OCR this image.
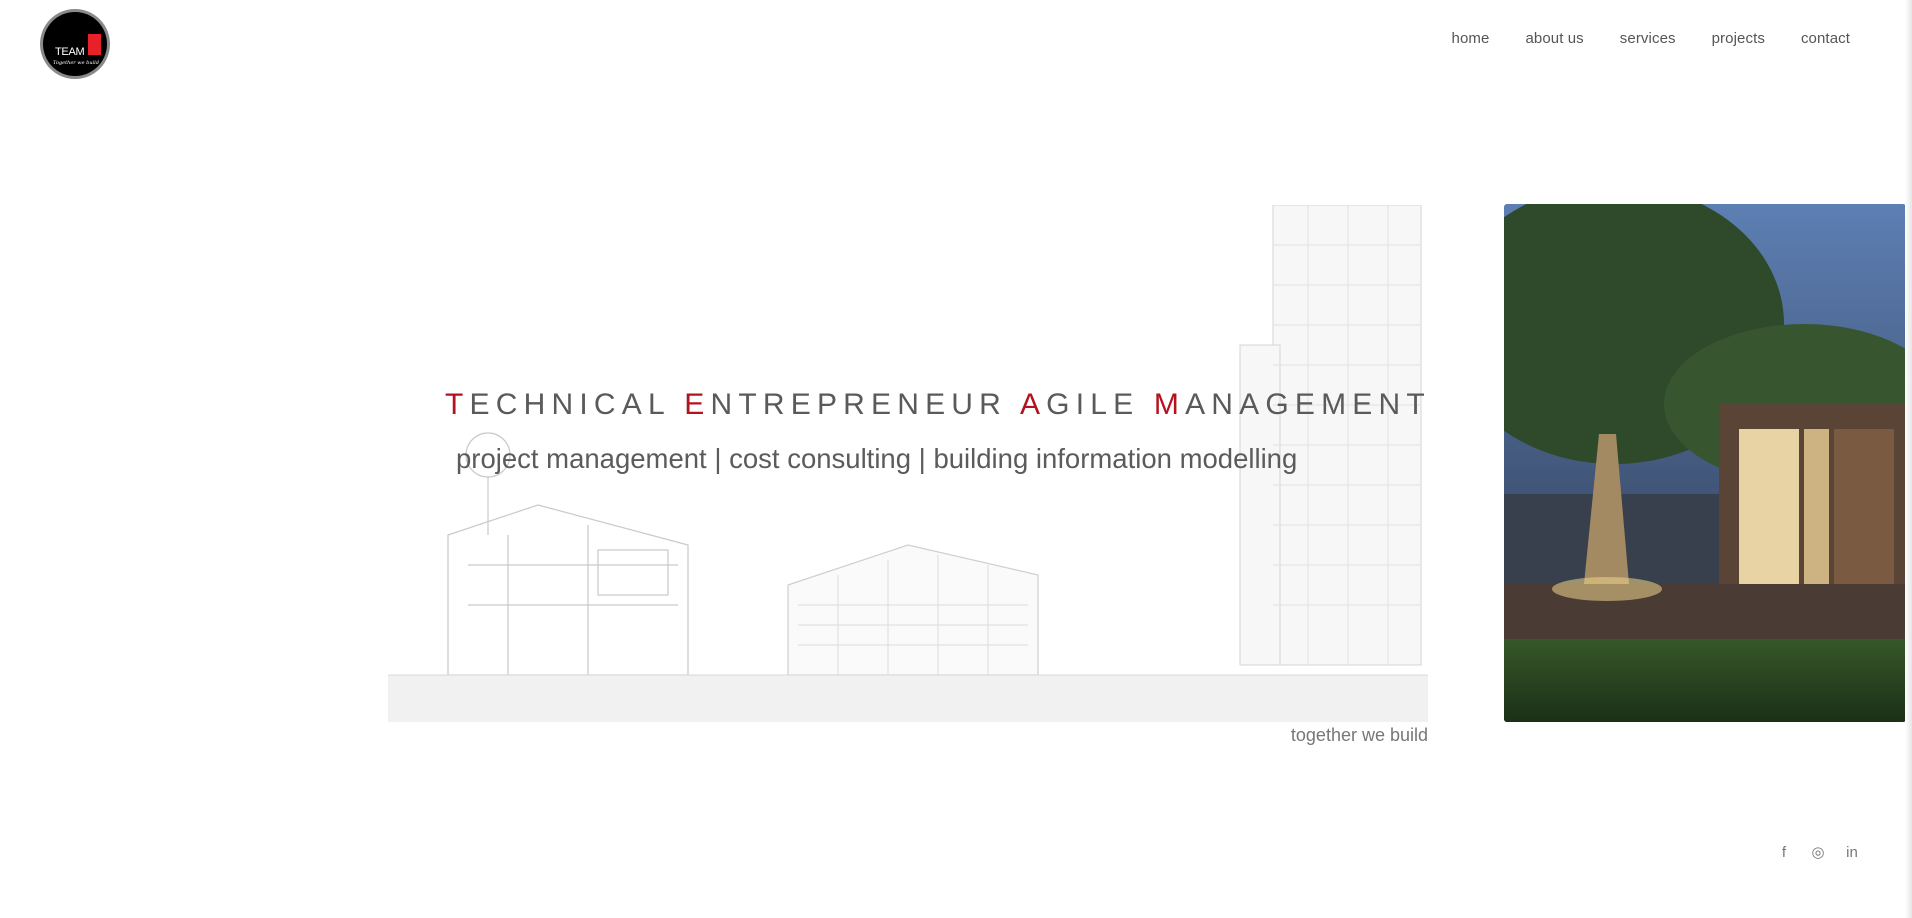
TEAM
Together we build
home about us services projects contact
TECHNICAL ENTREPRENEUR AGILE MANAGEMENT
project management | cost consulting | building information modelling
together we build
f	◎ in
